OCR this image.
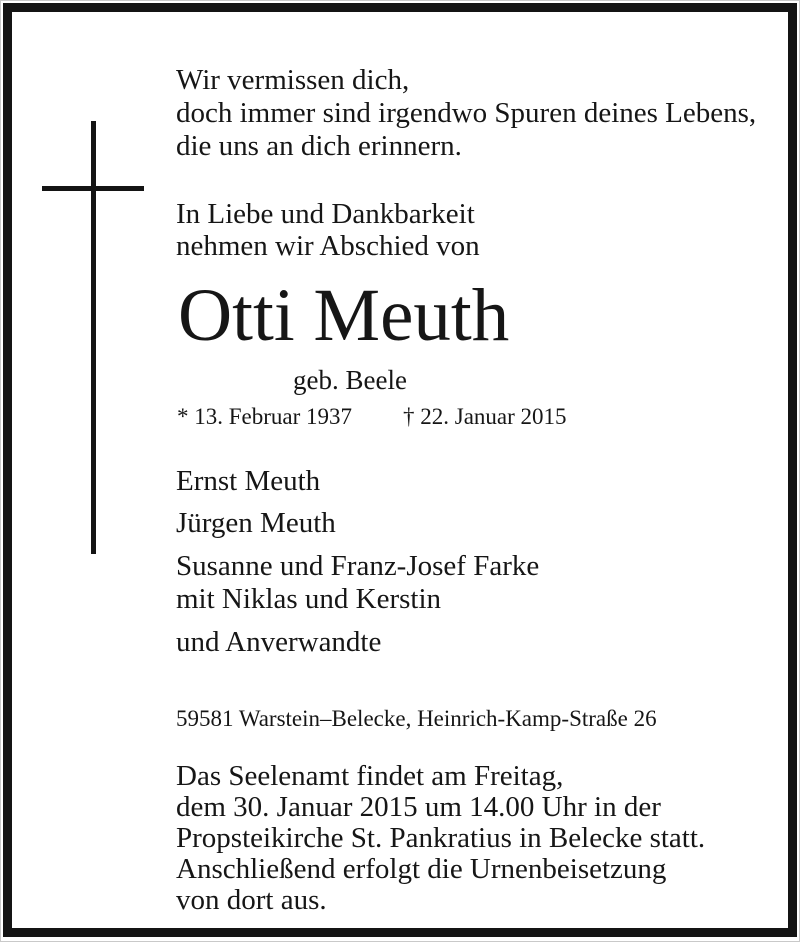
Wir vermissen dich,
doch immer sind irgendwo Spuren deines Lebens,
die uns an dich erinnern.
In Liebe und Dankbarkeit
nehmen wir Abschied von
Otti Meuth
geb. Beele
* 13. Februar 1937 † 22. Januar 2015
Ernst Meuth
Jürgen Meuth
Susanne und Franz-Josef Farke
mit Niklas und Kerstin
und Anverwandte
59581 Warstein–Belecke, Heinrich-Kamp-Straße 26
Das Seelenamt findet am Freitag,
dem 30. Januar 2015 um 14.00 Uhr in der
Propsteikirche St. Pankratius in Belecke statt.
Anschließend erfolgt die Urnenbeisetzung
von dort aus.
